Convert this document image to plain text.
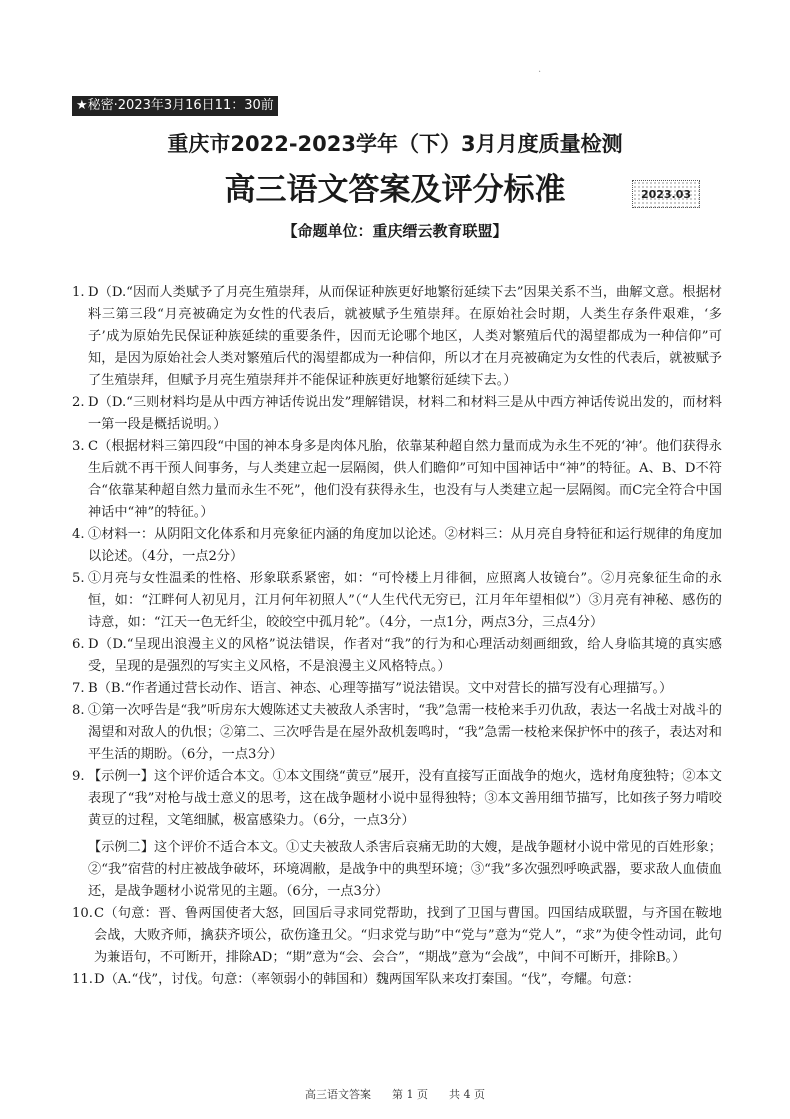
.
★秘密·2023年3月16日11：30前
重庆市2022-2023学年（下）3月月度质量检测
高三语文答案及评分标准	2023.03
【命题单位：重庆缙云教育联盟】
1. D（D.“因而人类赋予了月亮生殖崇拜，从而保证种族更好地繁衍延续下去”因果关系不当，曲解文意。根据材料三第三段“月亮被确定为女性的代表后，就被赋予生殖崇拜。在原始社会时期，人类生存条件艰难，‘多子’成为原始先民保证种族延续的重要条件，因而无论哪个地区，人类对繁殖后代的渴望都成为一种信仰”可知，是因为原始社会人类对繁殖后代的渴望都成为一种信仰，所以才在月亮被确定为女性的代表后，就被赋予了生殖崇拜，但赋予月亮生殖崇拜并不能保证种族更好地繁衍延续下去。）
2. D（D.“三则材料均是从中西方神话传说出发”理解错误，材料二和材料三是从中西方神话传说出发的，而材料一第一段是概括说明。）
3. C（根据材料三第四段“中国的神本身多是肉体凡胎，依靠某种超自然力量而成为永生不死的‘神’。他们获得永生后就不再干预人间事务，与人类建立起一层隔阂，供人们瞻仰”可知中国神话中“神”的特征。A、B、D不符合“依靠某种超自然力量而永生不死”，他们没有获得永生，也没有与人类建立起一层隔阂。而C完全符合中国神话中“神”的特征。）
4. ①材料一：从阴阳文化体系和月亮象征内涵的角度加以论述。②材料三：从月亮自身特征和运行规律的角度加以论述。（4分，一点2分）
5. ①月亮与女性温柔的性格、形象联系紧密，如：“可怜楼上月徘徊，应照离人妆镜台”。②月亮象征生命的永恒，如：“江畔何人初见月，江月何年初照人”（“人生代代无穷已，江月年年望相似”）③月亮有神秘、感伤的诗意，如：“江天一色无纤尘，皎皎空中孤月轮”。（4分，一点1分，两点3分，三点4分）
6. D（D.“呈现出浪漫主义的风格”说法错误，作者对“我”的行为和心理活动刻画细致，给人身临其境的真实感受，呈现的是强烈的写实主义风格，不是浪漫主义风格特点。）
7. B（B.“作者通过营长动作、语言、神态、心理等描写”说法错误。文中对营长的描写没有心理描写。）
8. ①第一次呼告是“我”听房东大嫂陈述丈夫被敌人杀害时，“我”急需一枝枪来手刃仇敌，表达一名战士对战斗的渴望和对敌人的仇恨；②第二、三次呼告是在屋外敌机轰鸣时，“我”急需一枝枪来保护怀中的孩子，表达对和平生活的期盼。（6分，一点3分）
9. 【示例一】这个评价适合本文。①本文围绕“黄豆”展开，没有直接写正面战争的炮火，选材角度独特；②本文表现了“我”对枪与战士意义的思考，这在战争题材小说中显得独特；③本文善用细节描写，比如孩子努力啃咬黄豆的过程，文笔细腻，极富感染力。（6分，一点3分）
【示例二】这个评价不适合本文。①丈夫被敌人杀害后哀痛无助的大嫂，是战争题材小说中常见的百姓形象；②“我”宿营的村庄被战争破坏，环境凋敝，是战争中的典型环境；③“我”多次强烈呼唤武器，要求敌人血债血还，是战争题材小说常见的主题。（6分，一点3分）
10. C（句意：晋、鲁两国使者大怒，回国后寻求同党帮助，找到了卫国与曹国。四国结成联盟，与齐国在鞍地会战，大败齐师，擒获齐顷公，砍伤逢丑父。“归求党与助”中“党与”意为“党人”，“求”为使令性动词，此句为兼语句，不可断开，排除AD；“期”意为“会、会合”，“期战”意为“会战”，中间不可断开，排除B。）
11. D（A.“伐”，讨伐。句意：（率领弱小的韩国和）魏两国军队来攻打秦国。“伐”，夸耀。句意：
高三语文答案 第 1 页 共 4 页
